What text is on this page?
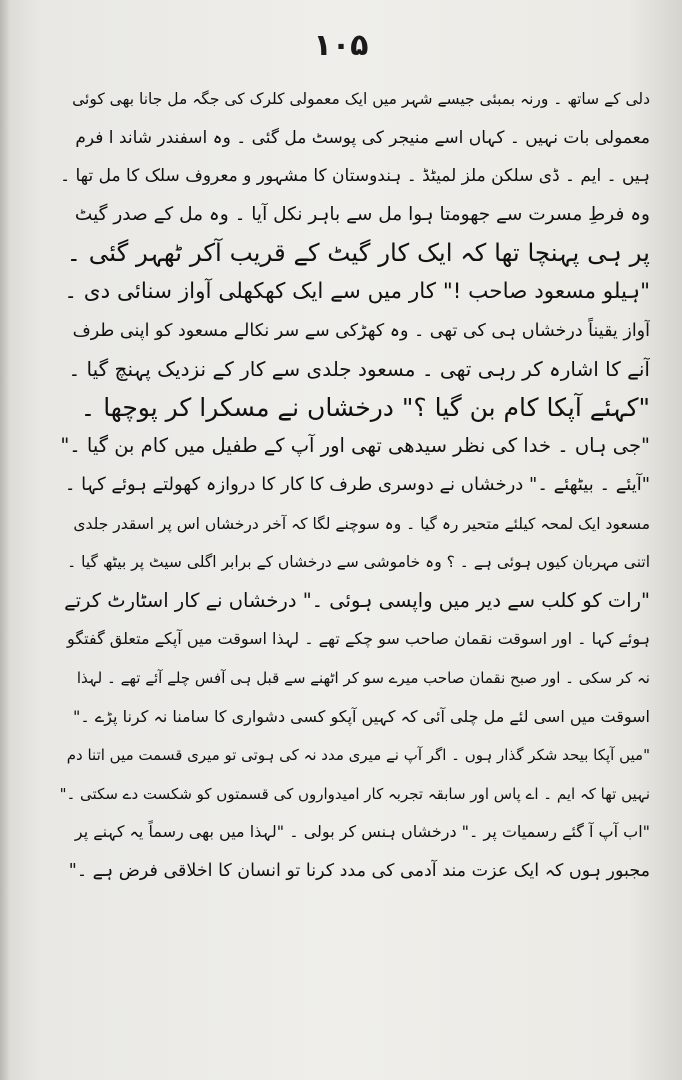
۱۰۵
دلی کے ساتھ ۔ ورنہ بمبئی جیسے شہر میں ایک معمولی کلرک کی جگہ مل جانا بھی کوئی
معمولی بات نہیں ۔ کہاں اسے منیجر کی پوسٹ مل گئی ۔ وہ اسفندر شاند ا فرم
ہیں ۔ ایم ۔ ڈی سلکن ملز لمیٹڈ ۔ ہندوستان کا مشہور و معروف سلک کا مل تھا ۔
وہ فرطِ مسرت سے جھومتا ہوا مل سے باہر نکل آیا ۔ وہ مل کے صدر گیٹ
پر ہی پہنچا تھا کہ ایک کار گیٹ کے قریب آکر ٹھہر گئی ۔
"ہیلو مسعود صاحب !" کار میں سے ایک کھکھلی آواز سنائی دی ۔
آواز یقیناً درخشاں ہی کی تھی ۔ وہ کھڑکی سے سر نکالے مسعود کو اپنی طرف
آنے کا اشارہ کر رہی تھی ۔ مسعود جلدی سے کار کے نزدیک پہنچ گیا ۔
"کہئے آپکا کام بن گیا ؟" درخشاں نے مسکرا کر پوچھا ۔
"جی ہاں ۔ خدا کی نظر سیدھی تھی اور آپ کے طفیل میں کام بن گیا ۔"
"آیئے ۔ بیٹھئے ۔" درخشاں نے دوسری طرف کا کار کا دروازہ کھولتے ہوئے کہا ۔
مسعود ایک لمحہ کیلئے متحیر رہ گیا ۔ وہ سوچنے لگا کہ آخر درخشاں اس پر اسقدر جلدی
اتنی مہربان کیوں ہوئی ہے ۔ ؟ وہ خاموشی سے درخشاں کے برابر اگلی سیٹ پر بیٹھ گیا ۔
"رات کو کلب سے دیر میں واپسی ہوئی ۔" درخشاں نے کار اسٹارٹ کرتے
ہوئے کہا ۔ اور اسوقت نقمان صاحب سو چکے تھے ۔ لہذا اسوقت میں آپکے متعلق گفتگو
نہ کر سکی ۔ اور صبح نقمان صاحب میرے سو کر اٹھنے سے قبل ہی آفس چلے آئے تھے ۔ لہذا
اسوقت میں اسی لئے مل چلی آئی کہ کہیں آپکو کسی دشواری کا سامنا نہ کرنا پڑے ۔"
"میں آپکا بیحد شکر گذار ہوں ۔ اگر آپ نے میری مدد نہ کی ہوتی تو میری قسمت میں اتنا دم
نہیں تھا کہ ایم ۔ اے پاس اور سابقہ تجربہ کار امیدواروں کی قسمتوں کو شکست دے سکتی ۔"
"اب آپ آ گئے رسمیات پر ۔" درخشاں ہنس کر بولی ۔ "لہذا میں بھی رسماً یہ کہنے پر
مجبور ہوں کہ ایک عزت مند آدمی کی مدد کرنا تو انسان کا اخلاقی فرض ہے ۔"
